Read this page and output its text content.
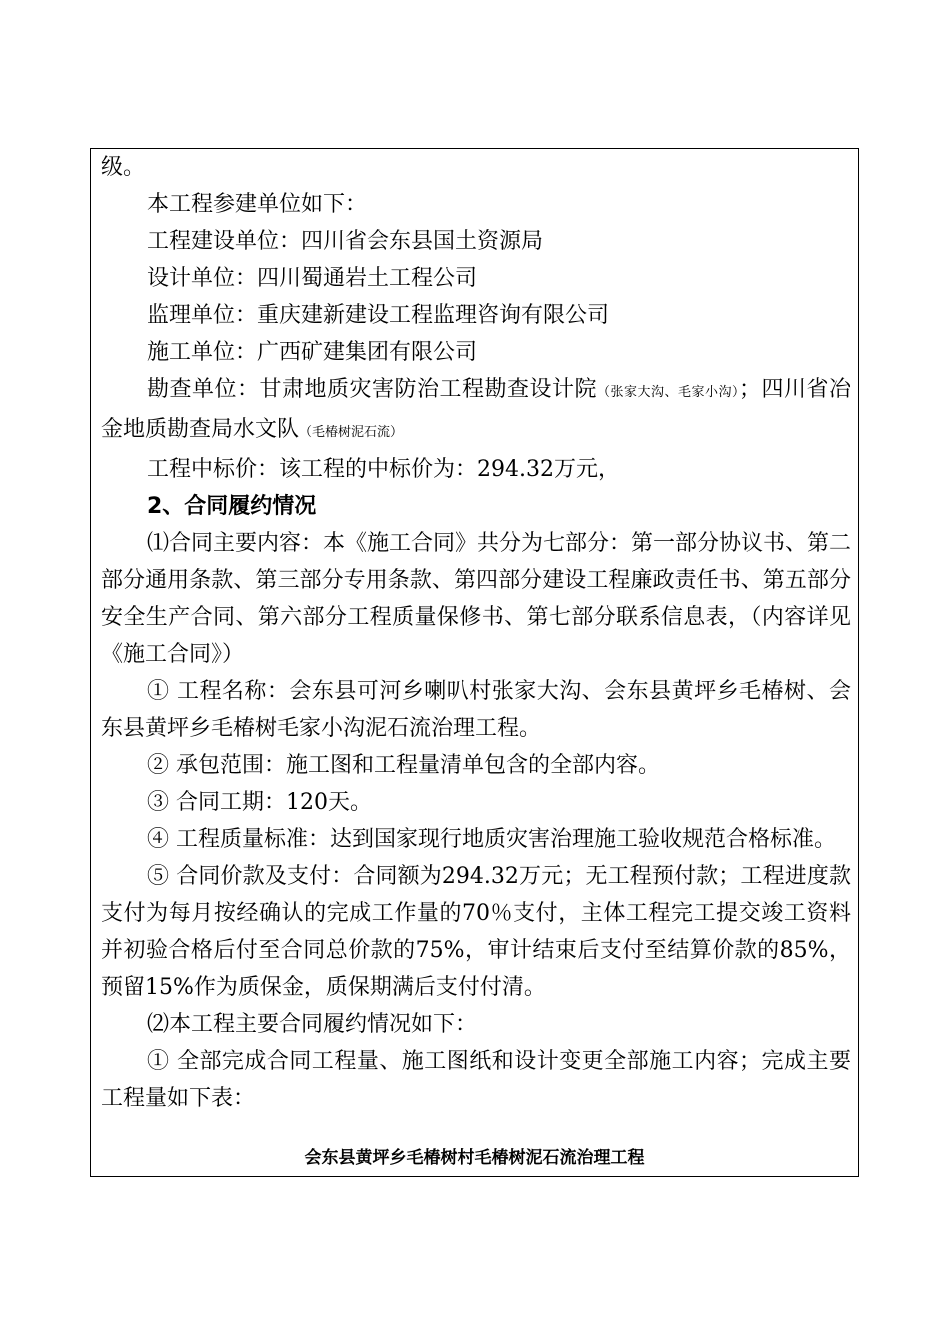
级。

本工程参建单位如下：

工程建设单位：四川省会东县国土资源局

设计单位：四川蜀通岩土工程公司

监理单位：重庆建新建设工程监理咨询有限公司

施工单位：广西矿建集团有限公司

勘查单位：甘肃地质灾害防治工程勘查设计院（张家大沟、毛家小沟）；四川省冶金地质勘查局水文队（毛椿树泥石流）

工程中标价：该工程的中标价为：294.32万元，

2、合同履约情况

⑴合同主要内容：本《施工合同》共分为七部分：第一部分协议书、第二部分通用条款、第三部分专用条款、第四部分建设工程廉政责任书、第五部分安全生产合同、第六部分工程质量保修书、第七部分联系信息表，（内容详见《施工合同》）

① 工程名称：会东县可河乡喇叭村张家大沟、会东县黄坪乡毛椿树、会东县黄坪乡毛椿树毛家小沟泥石流治理工程。

② 承包范围：施工图和工程量清单包含的全部内容。

③ 合同工期：120天。

④ 工程质量标准：达到国家现行地质灾害治理施工验收规范合格标准。

⑤ 合同价款及支付：合同额为294.32万元；无工程预付款；工程进度款支付为每月按经确认的完成工作量的70％支付，主体工程完工提交竣工资料并初验合格后付至合同总价款的75%，审计结束后支付至结算价款的85%，预留15%作为质保金，质保期满后支付付清。

⑵本工程主要合同履约情况如下：

① 全部完成合同工程量、施工图纸和设计变更全部施工内容；完成主要工程量如下表：

会东县黄坪乡毛椿树村毛椿树泥石流治理工程
